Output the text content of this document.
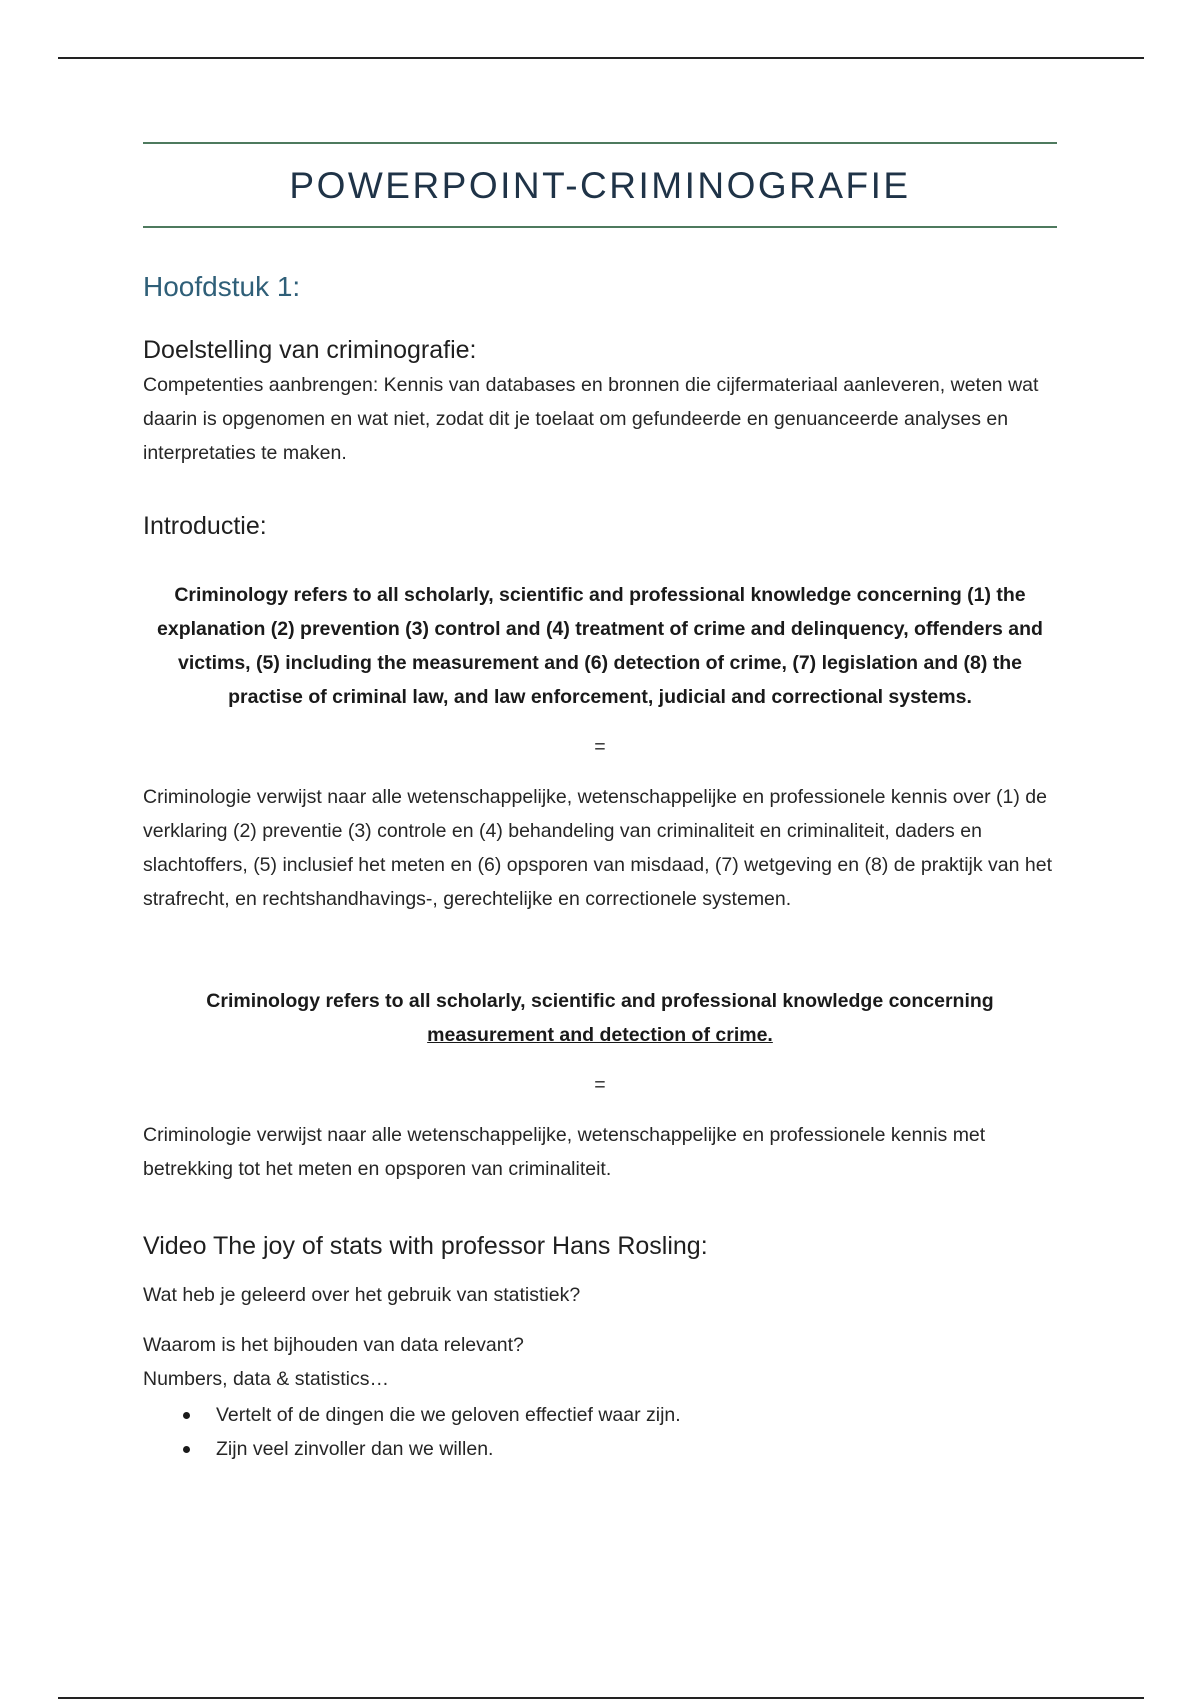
POWERPOINT-CRIMINOGRAFIE
Hoofdstuk 1:
Doelstelling van criminografie:

Competenties aanbrengen: Kennis van databases en bronnen die cijfermateriaal aanleveren, weten wat daarin is opgenomen en wat niet, zodat dit je toelaat om gefundeerde en genuanceerde analyses en interpretaties te maken.

Introductie:

Criminology refers to all scholarly, scientific and professional knowledge concerning (1) the explanation (2) prevention (3) control and (4) treatment of crime and delinquency, offenders and victims, (5) including the measurement and (6) detection of crime, (7) legislation and (8) the practise of criminal law, and law enforcement, judicial and correctional systems.

=

Criminologie verwijst naar alle wetenschappelijke, wetenschappelijke en professionele kennis over (1) de verklaring (2) preventie (3) controle en (4) behandeling van criminaliteit en criminaliteit, daders en slachtoffers, (5) inclusief het meten en (6) opsporen van misdaad, (7) wetgeving en (8) de praktijk van het strafrecht, en rechtshandhavings-, gerechtelijke en correctionele systemen.

Criminology refers to all scholarly, scientific and professional knowledge concerning measurement and detection of crime.

=

Criminologie verwijst naar alle wetenschappelijke, wetenschappelijke en professionele kennis met betrekking tot het meten en opsporen van criminaliteit.

Video The joy of stats with professor Hans Rosling:

Wat heb je geleerd over het gebruik van statistiek?

Waarom is het bijhouden van data relevant?

Numbers, data & statistics…

Vertelt of de dingen die we geloven effectief waar zijn.
Zijn veel zinvoller dan we willen.
